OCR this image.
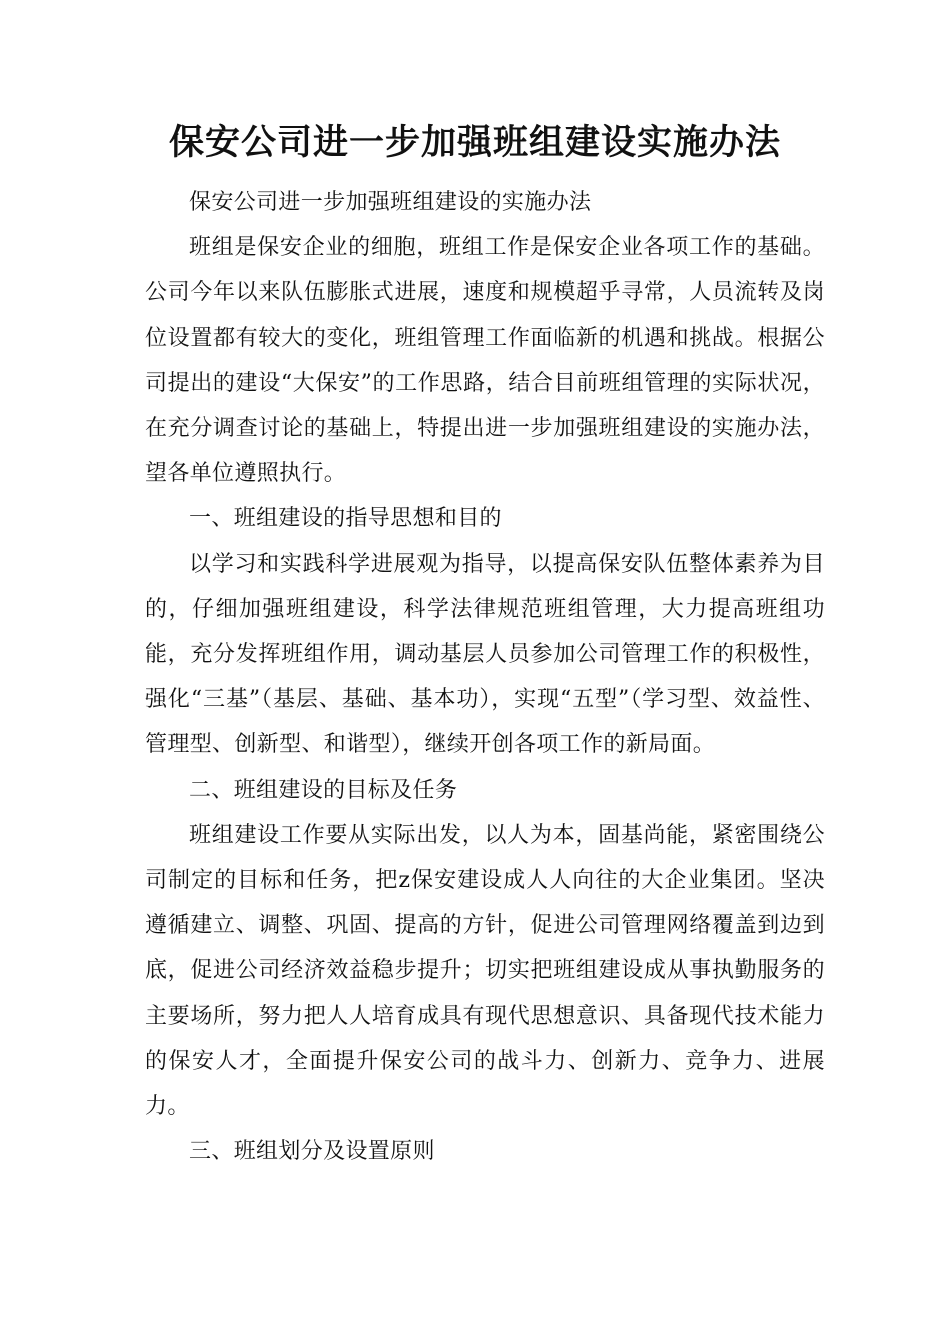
保安公司进一步加强班组建设实施办法

保安公司进一步加强班组建设的实施办法

班组是保安企业的细胞，班组工作是保安企业各项工作的基础。公司今年以来队伍膨胀式进展，速度和规模超乎寻常，人员流转及岗位设置都有较大的变化，班组管理工作面临新的机遇和挑战。根据公司提出的建设“大保安”的工作思路，结合目前班组管理的实际状况，在充分调查讨论的基础上，特提出进一步加强班组建设的实施办法，望各单位遵照执行。

一、班组建设的指导思想和目的

以学习和实践科学进展观为指导，以提高保安队伍整体素养为目的，仔细加强班组建设，科学法律规范班组管理，大力提高班组功能，充分发挥班组作用，调动基层人员参加公司管理工作的积极性，强化“三基”（基层、基础、基本功），实现“五型”（学习型、效益性、管理型、创新型、和谐型），继续开创各项工作的新局面。

二、班组建设的目标及任务

班组建设工作要从实际出发，以人为本，固基尚能，紧密围绕公司制定的目标和任务，把z保安建设成人人向往的大企业集团。坚决遵循建立、调整、巩固、提高的方针，促进公司管理网络覆盖到边到底，促进公司经济效益稳步提升；切实把班组建设成从事执勤服务的主要场所，努力把人人培育成具有现代思想意识、具备现代技术能力的保安人才，全面提升保安公司的战斗力、创新力、竞争力、进展力。

三、班组划分及设置原则
